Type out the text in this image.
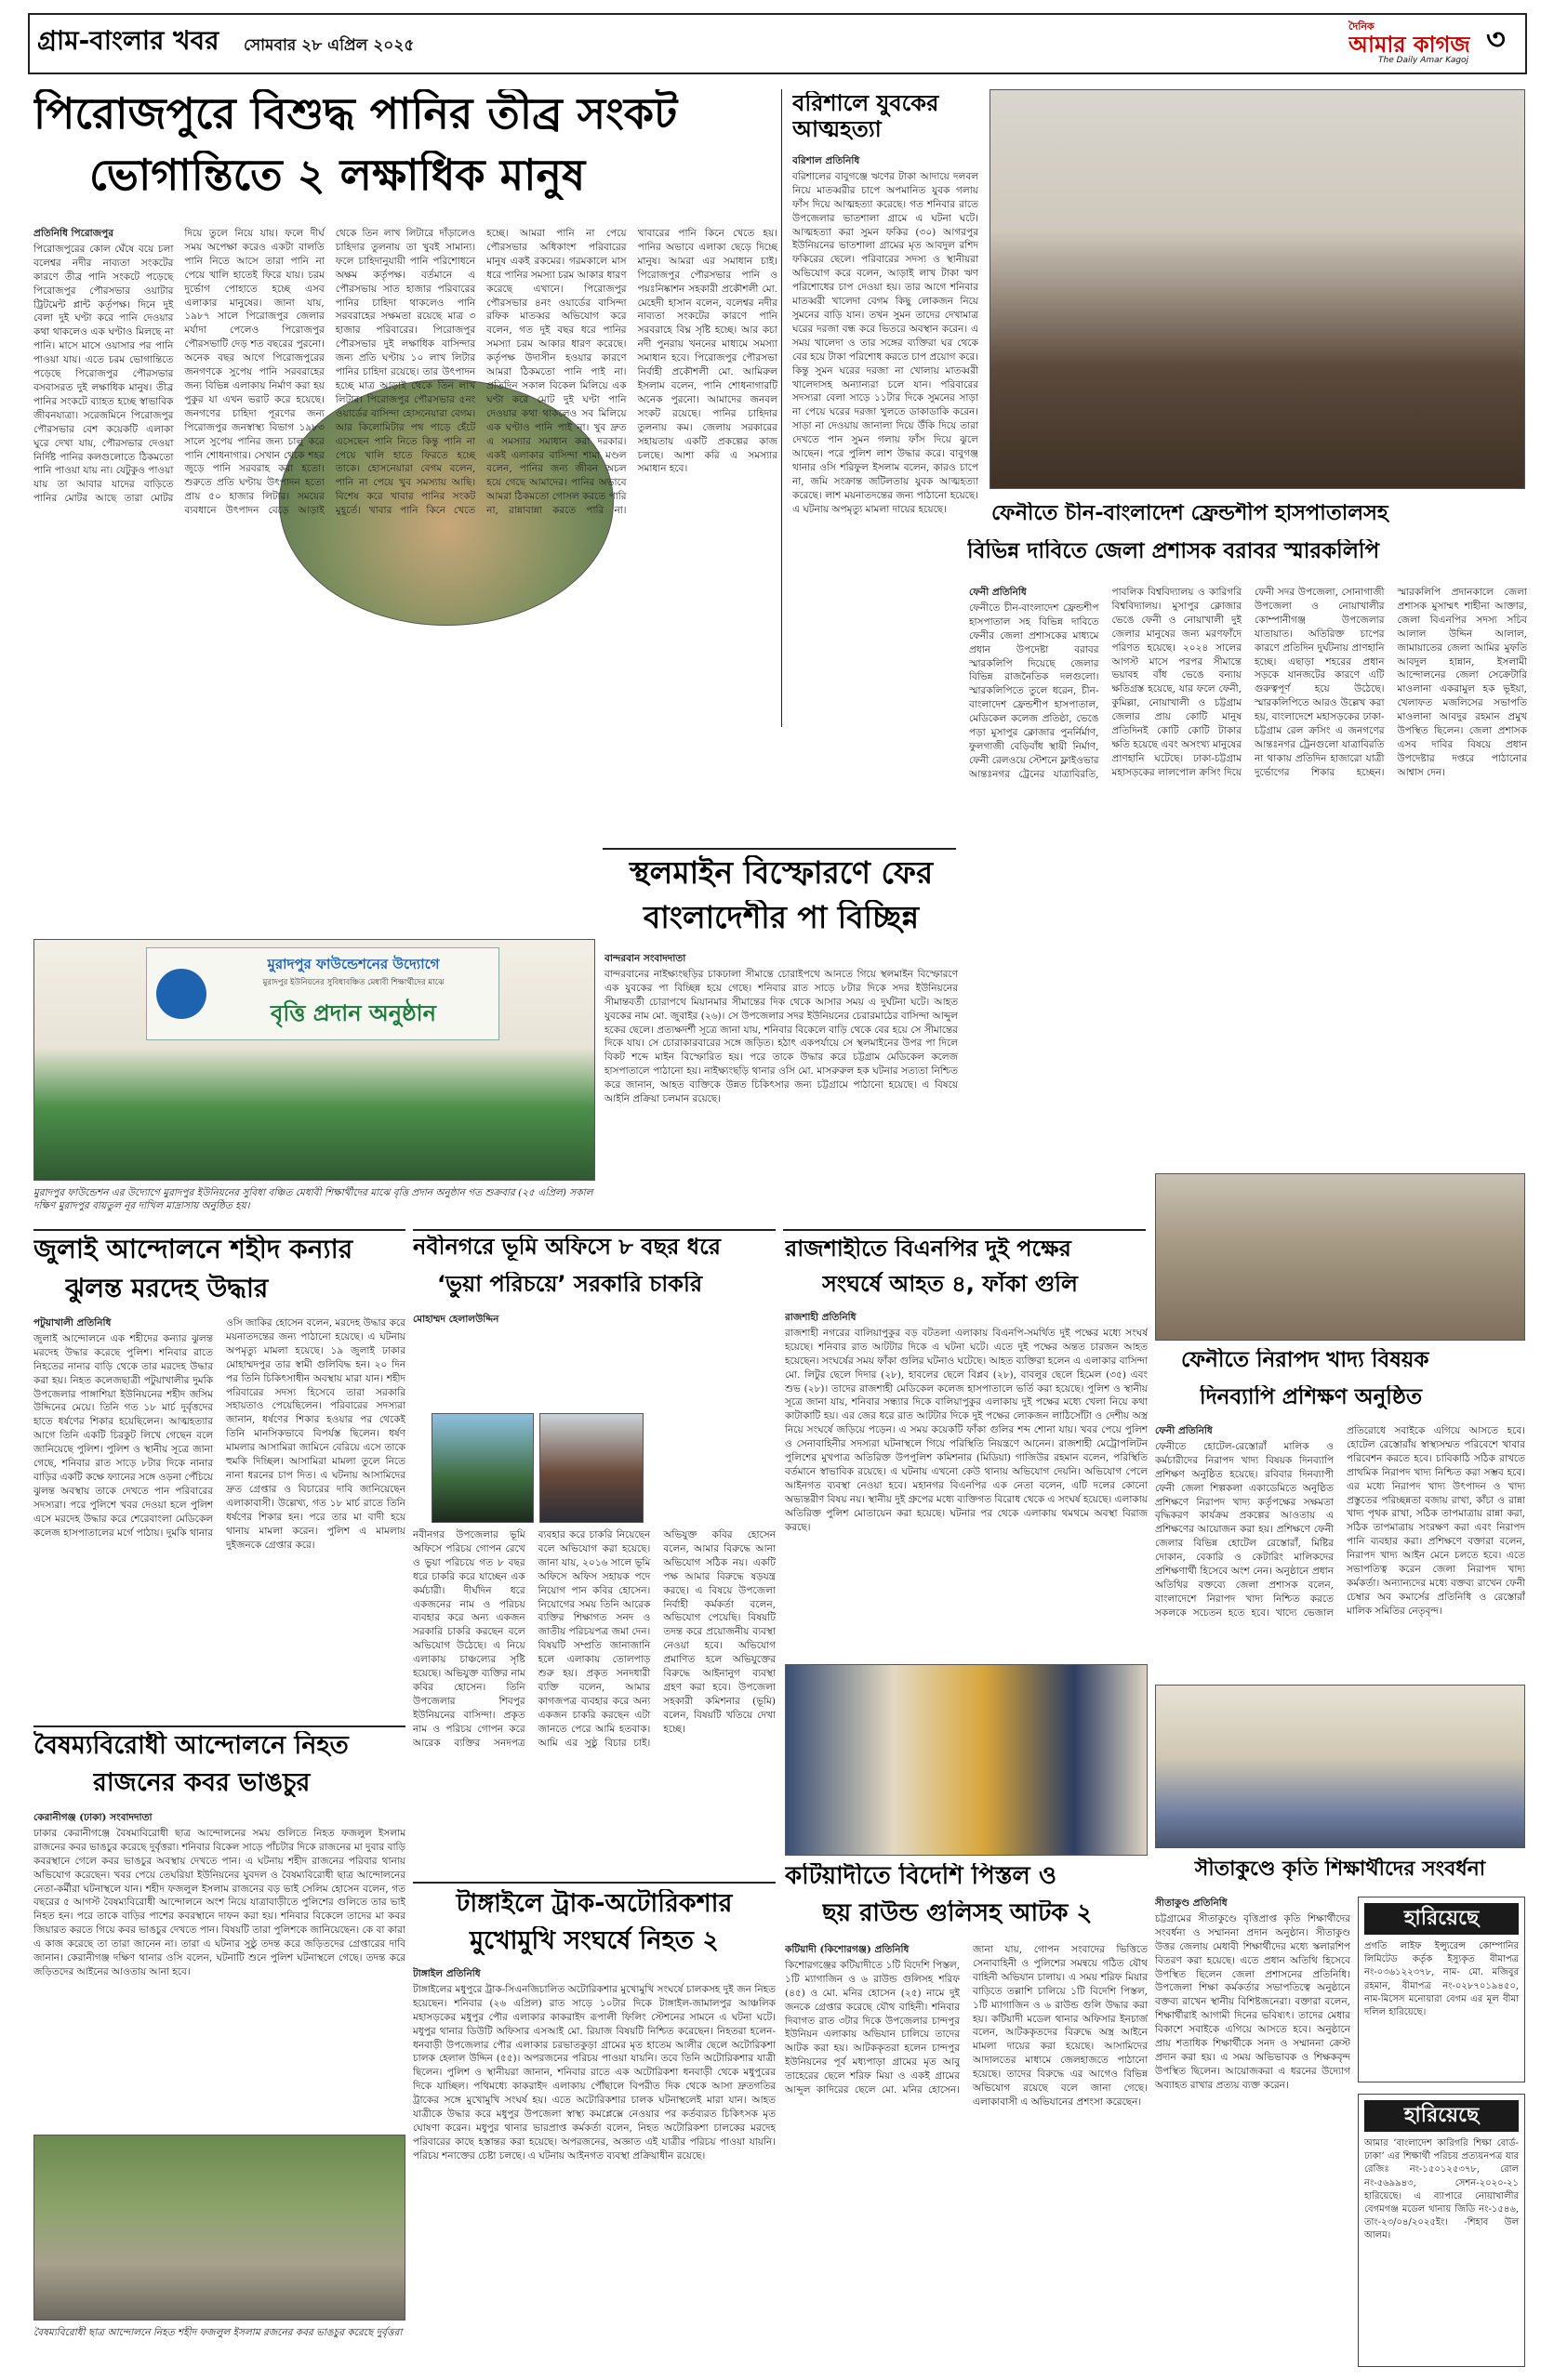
গ্রাম-বাংলার খবর সোমবার ২৮ এপ্রিল ২০২৫
দৈনিক
আমার কাগজ
The Daily Amar Kagoj
৩
পিরোজপুরে বিশুদ্ধ পানির তীব্র সংকট
ভোগান্তিতে ২ লক্ষাধিক মানুষ
প্রতিনিধি পিরোজপুর
পিরোজপুরের কোল ঘেঁষে বয়ে চলা বলেশ্বর নদীর নাব্যতা সংকটের কারণে তীব্র পানি সংকটে পড়েছে পিরোজপুর পৌরসভার ওয়াটার ট্রিটমেন্ট প্লান্ট কর্তৃপক্ষ। দিনে দুই বেলা দুই ঘণ্টা করে পানি দেওয়ার কথা থাকলেও এক ঘণ্টাও মিলছে না পানি। মাসে মাসে ওয়াসার পর পানি পাওয়া যায়। এতে চরম ভোগান্তিতে পড়েছে পিরোজপুর পৌরসভার বসবাসরত দুই লক্ষাধিক মানুষ। তীব্র পানির সংকটে ব্যাহত হচ্ছে স্বাভাবিক জীবনযাত্রা। সরেজমিনে পিরোজপুর পৌরসভার বেশ কয়েকটি এলাকা ঘুরে দেখা যায়, পৌরসভার দেওয়া নির্দিষ্ট পানির কলগুলোতে ঠিকমতো পানি পাওয়া যায় না। যেটুকুও পাওয়া যায় তা আবার যাদের বাড়িতে পানির মোটর আছে তারা মোটর দিয়ে তুলে নিয়ে যায়। ফলে দীর্ঘ সময় অপেক্ষা করেও একটা বালতি পানি নিতে আসে তারা পানি না পেয়ে খালি হাতেই ফিরে যায়। চরম দুর্ভোগ পোহাতে হচ্ছে এসব এলাকার মানুষের। জানা যায়, ১৯৮৭ সালে পিরোজপুর জেলার মর্যাদা পেলেও পিরোজপুর পৌরসভাটি দেড় শত বছরের পুরনো। অনেক বছর আগে পিরোজপুরের জনগণকে সুপেয় পানি সরবরাহের জন্য বিভিন্ন এলাকায় নির্মাণ করা হয় পুকুর যা এখন ভরাট করে হয়েছে। জনগণের চাহিদা পূরণের জন্য পিরোজপুর জনস্বাস্থ্য বিভাগ ১৯৮৩ সালে সুপেয় পানির জন্য চালু করে পানি শোধনাগার। সেখান থেকে শহর জুড়ে পানি সরবরাহ করা হতো। শুরুতে প্রতি ঘণ্টায় উৎপাদন হতো প্রায় ৫০ হাজার লিটার। সময়ের ব্যবধানে উৎপাদন বেড়ে আড়াই থেকে তিন লাখ লিটারে দাঁড়ালেও চাহিদার তুলনায় তা খুবই সামান্য। ফলে চাহিদানুযায়ী পানি পরিশোধনে অক্ষম কর্তৃপক্ষ। বর্তমানে এ পৌরসভায় সাত হাজার পরিবারের পানির চাহিদা থাকলেও পানি সরবরাহের সক্ষমতা রয়েছে মাত্র ৩ হাজার পরিবারের। পিরোজপুর পৌরসভার দুই লক্ষাধিক বাসিন্দার জন্য প্রতি ঘণ্টায় ১০ লাখ লিটার পানির চাহিদা রয়েছে। তার উৎপাদন হচ্ছে মাত্র আড়াই থেকে তিন লাখ লিটার। পিরোজপুর পৌরসভার ৫নং ওয়ার্ডের বাসিন্দা হোসনেয়ারা বেগম। আর কিলোমিটার পথ পাড়ে হেঁটে এসেছেন পানি নিতে কিন্তু পানি না পেয়ে খালি হাতে ফিরতে হচ্ছে তাকে। হোসনেয়ারা বেগম বলেন, পানি না পেয়ে খুব সমস্যায় আছি। বিশেষ করে খাবার পানির সংকট মুহূর্তে। খাবার পানি কিনে খেতে হচ্ছে। আমরা পানি না পেয়ে পৌরসভার অধিকাংশ পরিবারের মানুষ একই রকমের। গরমকালে মাস ধরে পানির সমস্যা চরম আকার ধারণ করেছে এখানে। পিরোজপুর পৌরসভার ৪নং ওয়ার্ডের বাসিন্দা রফিক মাতব্বর অভিযোগ করে বলেন, গত দুই বছর ধরে পানির সমস্যা চরম আকার ধারণ করেছে। কর্তৃপক্ষ উদাসীন হওয়ার কারণে আমরা ঠিকমতো পানি পাই না। প্রতিদিন সকাল বিকেল মিলিয়ে এক ঘণ্টা করে মোট দুই ঘণ্টা পানি দেওয়ার কথা থাকলেও সব মিলিয়ে এক ঘণ্টাও পানি পাই না। খুব দ্রুত এ সমস্যার সমাধান করা দরকার। একই এলাকার বাসিন্দা শামা মণ্ডল বলেন, পানির জন্য জীবন অচল হয়ে গেছে আমাদের। পানির অভাবে আমরা ঠিকমতো গোসল করতে পারি না, রান্নাবান্না করতে পারি না। খাবারের পানি কিনে খেতে হয়। পানির অভাবে এলাকা ছেড়ে দিচ্ছে মানুষ। আমরা এর সমাধান চাই। পিরোজপুর পৌরসভার পানি ও পয়ঃনিষ্কাশন সহকারী প্রকৌশলী মো. মেহেদী হাসান বলেন, বলেশ্বর নদীর নাব্যতা সংকটের কারণে পানি সরবরাহে বিঘ্ন সৃষ্টি হচ্ছে। আর কচা নদী পুনরায় খননের মাধ্যমে সমস্যা সমাধান হবে। পিরোজপুর পৌরসভা নির্বাহী প্রকৌশলী মো. আমিরুল ইসলাম বলেন, পানি শোধনাগারটি অনেক পুরনো। আমাদের জনবল সংকট রয়েছে। পানির চাহিদার তুলনায় কম। জেলায় সরকারের সহায়তায় একটি প্রকল্পের কাজ চলছে। আশা করি এ সমস্যার সমাধান হবে।
বরিশালে যুবকের আত্মহত্যা
বরিশাল প্রতিনিধি
বরিশালের বাবুগঞ্জে ঋণের টাকা আদায়ে দলবল নিয়ে মাতব্বরীর চাপে অপমানিত যুবক গলায় ফাঁস দিয়ে আত্মহত্যা করেছে। গত শনিবার রাতে উপজেলার ভাতশালা গ্রামে এ ঘটনা ঘটে। আত্মহত্যা করা সুমন ফকির (৩০) আগরপুর ইউনিয়নের ভাতশালা গ্রামের মৃত আবদুল রশিদ ফকিরের ছেলে। পরিবারের সদস্য ও স্থানীয়রা অভিযোগ করে বলেন, আড়াই লাখ টাকা ঋণ পরিশোধের চাপ দেওয়া হয়। তার আগে শনিবার মাতব্বরী খালেদা বেগম কিছু লোকজন নিয়ে সুমনের বাড়ি যান। তখন সুমন তাদের দেখামাত্র ঘরের দরজা বন্ধ করে ভিতরে অবস্থান করেন। এ সময় খালেদা ও তার সঙ্গের ব্যক্তিরা ঘর থেকে বের হয়ে টাকা পরিশোধ করতে চাপ প্রয়োগ করে। কিন্তু সুমন ঘরের দরজা না খোলায় মাতব্বরী খালেদাসহ অন্যান্যরা চলে যান। পরিবারের সদস্যরা বেলা সাড়ে ১১টার দিকে সুমনের সাড়া না পেয়ে ঘরের দরজা খুলতে ডাকাডাকি করেন। সাড়া না দেওয়ায় জানালা দিয়ে উঁকি দিয়ে তারা দেখতে পান সুমন গলায় ফাঁস দিয়ে ঝুলে আছেন। পরে পুলিশ লাশ উদ্ধার করে। বাবুগঞ্জ থানার ওসি শরিফুল ইসলাম বলেন, কারও চাপে না, জমি সংক্রান্ত জটিলতায় যুবক আত্মহত্যা করেছে। লাশ ময়নাতদন্তের জন্য পাঠানো হয়েছে। এ ঘটনায় অপমৃত্যু মামলা দায়ের হয়েছে।	ফেনীতে চীন-বাংলাদেশ ফ্রেন্ডশীপ হাসপাতালসহ
বিভিন্ন দাবিতে জেলা প্রশাসক বরাবর স্মারকলিপি
ফেনী প্রতিনিধি
ফেনীতে চীন-বাংলাদেশ ফ্রেন্ডশীপ হাসপাতাল সহ বিভিন্ন দাবিতে ফেনীর জেলা প্রশাসকের মাধ্যমে প্রধান উপদেষ্টা বরাবর স্মারকলিপি দিয়েছে জেলার বিভিন্ন রাজনৈতিক দলগুলো। স্মারকলিপিতে তুলে ধরেন, চীন-বাংলাদেশ ফ্রেন্ডশীপ হাসপাতাল, মেডিকেল কলেজ প্রতিষ্ঠা, ভেঙে পড়া মুসাপুর ক্লোজার পুনর্নির্মাণ, ফুলগাজী বেড়িবাঁধ স্থায়ী নির্মাণ, ফেনী রেলওয়ে স্টেশনে ফ্লাইওভার আন্তঃনগর ট্রেনের যাত্রাবিরতি, পাবলিক বিশ্ববিদ্যালয় ও কারিগরি বিশ্ববিদ্যালয়। মুসাপুর ক্লোজার ভেঙে ফেনী ও নোয়াখালী দুই জেলার মানুষের জন্য মরণফাঁদে পরিণত হয়েছে। ২০২৪ সালের আগস্ট মাসে পরপর সীমান্তে ভয়াবহ বাঁধ ভেঙে বন্যায় ক্ষতিগ্রস্ত হয়েছে, যার ফলে ফেনী, কুমিল্লা, নোয়াখালী ও চট্টগ্রাম জেলার প্রায় কোটি মানুষ প্রতিদিনই কোটি কোটি টাকার ক্ষতি হয়েছে এবং অসংখ্য মানুষের প্রাণহানি ঘটেছে। ঢাকা-চট্টগ্রাম মহাসড়কের লালপোল ক্রসিং দিয়ে ফেনী সদর উপজেলা, সোনাগাজী উপজেলা ও নোয়াখালীর কোম্পানীগঞ্জ উপজেলার যাতায়াত। অতিরিক্ত চাপের কারণে প্রতিদিন দুর্ঘটনায় প্রাণহানি হচ্ছে। এছাড়া শহরের প্রধান সড়কে যানজটের কারণে এটি গুরুত্বপূর্ণ হয়ে উঠেছে। স্মারকলিপিতে আরও উল্লেখ করা হয়, বাংলাদেশে মহাসড়কের ঢাকা-চট্টগ্রাম রেল ক্রসিং এ জনগণের আন্তঃনগর ট্রেনগুলো যাত্রাবিরতি না থাকায় প্রতিদিন হাজারো যাত্রী দুর্ভোগের শিকার হচ্ছেন। স্মারকলিপি প্রদানকালে জেলা প্রশাসক মুসাম্মৎ শাহীনা আক্তার, জেলা বিএনপির সদস্য সচিব আলাল উদ্দিন আলাল, জামায়াতের জেলা আমির মুফতি আবদুল হান্নান, ইসলামী আন্দোলনের জেলা সেক্রেটারি মাওলানা একরামুল হক ভূইয়া, খেলাফত মজলিসের সভাপতি মাওলানা আবদুর রহমান প্রমুখ উপস্থিত ছিলেন। জেলা প্রশাসক এসব দাবির বিষয়ে প্রধান উপদেষ্টার দপ্তরে পাঠানোর আশ্বাস দেন।
স্থলমাইন বিস্ফোরণে ফের
বাংলাদেশীর পা বিচ্ছিন্ন
বান্দরবান সংবাদদাতা
বান্দরবানের নাইক্ষ্যংছড়ির চাকঢালা সীমান্তে চোরাইপথে আনতে গিয়ে স্থলমাইন বিস্ফোরণে এক যুবকের পা বিচ্ছিন্ন হয়ে গেছে। শনিবার রাত সাড়ে ৮টার দিকে সদর ইউনিয়নের সীমান্তবর্তী চোরাপথে মিয়ানমার সীমান্তের দিক থেকে আসার সময় এ দুর্ঘটনা ঘটে। আহত যুবকের নাম মো. জুবাইর (২৬)। সে উপজেলার সদর ইউনিয়নের চেরারমাঠের বাসিন্দা আব্দুল হকের ছেলে। প্রত্যক্ষদর্শী সূত্রে জানা যায়, শনিবার বিকেলে বাড়ি থেকে বের হয়ে সে সীমান্তের দিকে যায়। সে চোরাকারবারের সঙ্গে জড়িত। হঠাৎ একপর্যায়ে সে স্থলমাইনের উপর পা দিলে বিকট শব্দে মাইন বিস্ফোরিত হয়। পরে তাকে উদ্ধার করে চট্টগ্রাম মেডিকেল কলেজ হাসপাতালে পাঠানো হয়। নাইক্ষ্যংছড়ি থানার ওসি মো. মাসরুরুল হক ঘটনার সত্যতা নিশ্চিত করে জানান, আহত ব্যক্তিকে উন্নত চিকিৎসার জন্য চট্টগ্রামে পাঠানো হয়েছে। এ বিষয়ে আইনি প্রক্রিয়া চলমান রয়েছে।
মুরাদপুর ফাউন্ডেশনের উদ্যোগে
মুরাদপুর ইউনিয়নের সুবিধাবঞ্চিত মেধাবী শিক্ষার্থীদের মাঝে
বৃত্তি প্রদান অনুষ্ঠান
মুরাদপুর ফাউন্ডেশন এর উদ্যোগে মুরাদপুর ইউনিয়নের সুবিধা বঞ্চিত মেধাবী শিক্ষার্থীদের মাঝে বৃত্তি প্রদান অনুষ্ঠান গত শুক্রবার (২৫ এপ্রিল) সকাল দক্ষিণ মুরাদপুর বায়তুল নূর দাখিল মাদ্রাসায় অনুষ্ঠিত হয়।
জুলাই আন্দোলনে শহীদ কন্যার
ঝুলন্ত মরদেহ উদ্ধার
পটুয়াখালী প্রতিনিধি
জুলাই আন্দোলনে এক শহীদের কন্যার ঝুলন্ত মরদেহ উদ্ধার করেছে পুলিশ। শনিবার রাতে নিহতের নানার বাড়ি থেকে তার মরদেহ উদ্ধার করা হয়। নিহত কলেজছাত্রী পটুয়াখালীর দুমকি উপজেলার পাঙ্গাশিয়া ইউনিয়নের শহীদ জসিম উদ্দিনের মেয়ে। তিনি গত ১৮ মার্চ দুর্বৃত্তদের হাতে ধর্ষণের শিকার হয়েছিলেন। আত্মহত্যার আগে তিনি একটি চিরকুট লিখে গেছেন বলে জানিয়েছে পুলিশ। পুলিশ ও স্থানীয় সূত্রে জানা গেছে, শনিবার রাত সাড়ে ৮টার দিকে নানার বাড়ির একটি কক্ষে ফ্যানের সঙ্গে ওড়না পেঁচিয়ে ঝুলন্ত অবস্থায় তাকে দেখতে পান পরিবারের সদস্যরা। পরে পুলিশে খবর দেওয়া হলে পুলিশ এসে মরদেহ উদ্ধার করে শেরেবাংলা মেডিকেল কলেজ হাসপাতালের মর্গে পাঠায়। দুমকি থানার ওসি জাকির হোসেন বলেন, মরদেহ উদ্ধার করে ময়নাতদন্তের জন্য পাঠানো হয়েছে। এ ঘটনায় অপমৃত্যু মামলা হয়েছে। ১৯ জুলাই ঢাকার মোহাম্মদপুর তার স্বামী গুলিবিদ্ধ হন। ২০ দিন পর তিনি চিকিৎসাধীন অবস্থায় মারা যান। শহীদ পরিবারের সদস্য হিসেবে তারা সরকারি সহায়তাও পেয়েছিলেন। পরিবারের সদস্যরা জানান, ধর্ষণের শিকার হওয়ার পর থেকেই তিনি মানসিকভাবে বিপর্যস্ত ছিলেন। ধর্ষণ মামলার আসামিরা জামিনে বেরিয়ে এসে তাকে হুমকি দিচ্ছিল। আসামিরা মামলা তুলে নিতে নানা ধরনের চাপ দিত। এ ঘটনায় আসামিদের দ্রুত গ্রেপ্তার ও বিচারের দাবি জানিয়েছেন এলাকাবাসী। উল্লেখ্য, গত ১৮ মার্চ রাতে তিনি ধর্ষণের শিকার হন। পরে তার মা বাদী হয়ে থানায় মামলা করেন। পুলিশ এ মামলায় দুইজনকে গ্রেপ্তার করে।
বৈষম্যবিরোধী আন্দোলনে নিহত
রাজনের কবর ভাঙচুর
কেরানীগঞ্জ (ঢাকা) সংবাদদাতা
ঢাকার কেরানীগঞ্জে বৈষম্যবিরোধী ছাত্র আন্দোলনের সময় গুলিতে নিহত ফজলুল ইসলাম রাজনের কবর ভাঙচুর করেছে দুর্বৃত্তরা। শনিবার বিকেল সাড়ে পাঁচটার দিকে রাজনের মা দুবার বাড়ি কবরস্থানে গেলে কবর ভাঙচুর অবস্থায় দেখতে পান। এ ঘটনায় শহীদ রাজনের পরিবার থানায় অভিযোগ করেছেন। খবর পেয়ে তেঘরিয়া ইউনিয়নের যুবদল ও বৈষম্যবিরোধী ছাত্র আন্দোলনের নেতা-কর্মীরা ঘটনাস্থলে যান। শহীদ ফজলুল ইসলাম রাজনের বড় ভাই সেলিম হোসেন বলেন, গত বছরের ৫ আগস্ট বৈষম্যবিরোধী আন্দোলনে অংশ নিয়ে যাত্রাবাড়ীতে পুলিশের গুলিতে তার ভাই নিহত হন। পরে তাকে বাড়ির পাশের কবরস্থানে দাফন করা হয়। শনিবার বিকেলে তাদের মা কবর জিয়ারত করতে গিয়ে কবর ভাঙচুর দেখতে পান। বিষয়টি তারা পুলিশকে জানিয়েছেন। কে বা কারা এ কাজ করেছে তা তারা জানেন না। তারা এ ঘটনার সুষ্ঠু তদন্ত করে জড়িতদের গ্রেপ্তারের দাবি জানান। কেরানীগঞ্জ দক্ষিণ থানার ওসি বলেন, ঘটনাটি শুনে পুলিশ ঘটনাস্থলে গেছে। তদন্ত করে জড়িতদের আইনের আওতায় আনা হবে।
বৈষম্যবিরোধী ছাত্র আন্দোলনে নিহত শহীদ ফজলুল ইসলাম রজনের কবর ভাঙচুর করেছে দুর্বৃত্তরা
নবীনগরে ভূমি অফিসে ৮ বছর ধরে
‘ভুয়া পরিচয়ে’ সরকারি চাকরি
মোহাম্মদ হেলালউদ্দিন
নবীনগর উপজেলার ভূমি অফিসে পরিচয় গোপন রেখে ও ভুয়া পরিচয়ে গত ৮ বছর ধরে চাকরি করে যাচ্ছেন এক কর্মচারী। দীর্ঘদিন ধরে একজনের নাম ও পরিচয় ব্যবহার করে অন্য একজন সরকারি চাকরি করছেন বলে অভিযোগ উঠেছে। এ নিয়ে এলাকায় চাঞ্চল্যের সৃষ্টি হয়েছে। অভিযুক্ত ব্যক্তির নাম কবির হোসেন। তিনি উপজেলার শিবপুর ইউনিয়নের বাসিন্দা। প্রকৃত নাম ও পরিচয় গোপন করে আরেক ব্যক্তির সনদপত্র ব্যবহার করে চাকরি নিয়েছেন বলে অভিযোগ করা হয়েছে। জানা যায়, ২০১৬ সালে ভূমি অফিসে অফিস সহায়ক পদে নিয়োগ পান কবির হোসেন। নিয়োগের সময় তিনি আরেক ব্যক্তির শিক্ষাগত সনদ ও জাতীয় পরিচয়পত্র জমা দেন। বিষয়টি সম্প্রতি জানাজানি হলে এলাকায় তোলপাড় শুরু হয়। প্রকৃত সনদধারী ব্যক্তি বলেন, আমার কাগজপত্র ব্যবহার করে অন্য একজন চাকরি করছেন এটা জানতে পেরে আমি হতবাক। আমি এর সুষ্ঠু বিচার চাই। অভিযুক্ত কবির হোসেন বলেন, আমার বিরুদ্ধে আনা অভিযোগ সঠিক নয়। একটি পক্ষ আমার বিরুদ্ধে ষড়যন্ত্র করছে। এ বিষয়ে উপজেলা নির্বাহী কর্মকর্তা বলেন, অভিযোগ পেয়েছি। বিষয়টি তদন্ত করে প্রয়োজনীয় ব্যবস্থা নেওয়া হবে। অভিযোগ প্রমাণিত হলে অভিযুক্তের বিরুদ্ধে আইনানুগ ব্যবস্থা গ্রহণ করা হবে। উপজেলা সহকারী কমিশনার (ভূমি) বলেন, বিষয়টি খতিয়ে দেখা হচ্ছে।
টাঙ্গাইলে ট্রাক-অটোরিকশার
মুখোমুখি সংঘর্ষে নিহত ২
টাঙ্গাইল প্রতিনিধি
টাঙ্গাইলের মধুপুরে ট্রাক-সিএনজিচালিত অটোরিকশার মুখোমুখি সংঘর্ষে চালকসহ দুই জন নিহত হয়েছেন। শনিবার (২৬ এপ্রিল) রাত সাড়ে ১০টার দিকে টাঙ্গাইল-জামালপুর আঞ্চলিক মহাসড়কের মধুপুর পৌর এলাকার কাকরাইদ রূপালী ফিলিং স্টেশনের সামনে এ ঘটনা ঘটে। মধুপুর থানার ডিউটি অফিসার এসআই মো. রিয়াজ বিষয়টি নিশ্চিত করেছেন। নিহতরা হলেন- ধনবাড়ী উপজেলার পৌর এলাকার চরভাতকুড়া গ্রামের মৃত হাতেম আলীর ছেলে অটোরিকশা চালক হেলাল উদ্দিন (৫৫)। অপরজনের পরিচয় পাওয়া যায়নি। তবে তিনি অটোরিকশার যাত্রী ছিলেন। পুলিশ ও স্থানীয়রা জানান, শনিবার রাতে এক অটোরিকশা ধনবাড়ী থেকে মধুপুরের দিকে যাচ্ছিল। পথিমধ্যে কাকরাইদ এলাকায় পৌঁছালে বিপরীত দিক থেকে আসা দ্রুতগতির ট্রাকের সঙ্গে মুখোমুখি সংঘর্ষ হয়। এতে অটোরিকশার চালক ঘটনাস্থলেই মারা যান। আহত যাত্রীকে উদ্ধার করে মধুপুর উপজেলা স্বাস্থ্য কমপ্লেক্সে নেওয়ার পর কর্তব্যরত চিকিৎসক মৃত ঘোষণা করেন। মধুপুর থানার ভারপ্রাপ্ত কর্মকর্তা বলেন, নিহত অটোরিকশা চালকের মরদেহ পরিবারের কাছে হস্তান্তর করা হয়েছে। অপরজনের, অজ্ঞাত এই যাত্রীর পরিচয় পাওয়া যায়নি। পরিচয় শনাক্তের চেষ্টা চলছে। এ ঘটনায় আইনগত ব্যবস্থা প্রক্রিয়াধীন রয়েছে।
রাজশাহীতে বিএনপির দুই পক্ষের
সংঘর্ষে আহত ৪, ফাঁকা গুলি
রাজশাহী প্রতিনিধি
রাজশাহী নগরের বালিয়াপুকুর বড় বটতলা এলাকায় বিএনপি-সমর্থিত দুই পক্ষের মধ্যে সংঘর্ষ হয়েছে। শনিবার রাত আটটার দিকে এ ঘটনা ঘটে। এতে দুই পক্ষের অন্তত চারজন আহত হয়েছেন। সংঘর্ষের সময় ফাঁকা গুলির ঘটনাও ঘটেছে। আহত ব্যক্তিরা হলেন এ এলাকার বাসিন্দা মো. লিটুর ছেলে দিদার (২৮), হাবলের ছেলে বিপ্লব (২৮), বাবলুর ছেলে হিমেল (৩৫) এবং শুভ (২৮)। তাদের রাজশাহী মেডিকেল কলেজ হাসপাতালে ভর্তি করা হয়েছে। পুলিশ ও স্থানীয় সূত্রে জানা যায়, শনিবার সন্ধ্যার দিকে বালিয়াপুকুর এলাকায় দুই পক্ষের মধ্যে খেলা নিয়ে কথা কাটাকাটি হয়। এর জের ধরে রাত আটটার দিকে দুই পক্ষের লোকজন লাঠিসোঁটা ও দেশীয় অস্ত্র নিয়ে সংঘর্ষে জড়িয়ে পড়েন। এ সময় কয়েকটি ফাঁকা গুলির শব্দ শোনা যায়। খবর পেয়ে পুলিশ ও সেনাবাহিনীর সদস্যরা ঘটনাস্থলে গিয়ে পরিস্থিতি নিয়ন্ত্রণে আনেন। রাজশাহী মেট্রোপলিটন পুলিশের মুখপাত্র অতিরিক্ত উপপুলিশ কমিশনার (মিডিয়া) গাজিউর রহমান বলেন, পরিস্থিতি বর্তমানে স্বাভাবিক রয়েছে। এ ঘটনায় এখনো কেউ থানায় অভিযোগ দেয়নি। অভিযোগ পেলে আইনগত ব্যবস্থা নেওয়া হবে। মহানগর বিএনপির এক নেতা বলেন, এটি দলের কোনো অভ্যন্তরীণ বিষয় নয়। স্থানীয় দুই গ্রুপের মধ্যে ব্যক্তিগত বিরোধ থেকে এ সংঘর্ষ হয়েছে। এলাকায় অতিরিক্ত পুলিশ মোতায়েন করা হয়েছে। ঘটনার পর থেকে এলাকায় থমথমে অবস্থা বিরাজ করছে।
কটিয়াদীতে বিদেশি পিস্তল ও
ছয় রাউন্ড গুলিসহ আটক ২
কটিয়াদী (কিশোরগঞ্জ) প্রতিনিধি
কিশোরগঞ্জের কটিয়াদীতে ১টি বিদেশি পিস্তল, ১টি ম্যাগাজিন ও ৬ রাউন্ড গুলিসহ শরিফ (৪৫) ও মো. মনির হোসেন (২৫) নামে দুই জনকে গ্রেপ্তার করেছে যৌথ বাহিনী। শনিবার দিবাগত রাত ৩টার দিকে উপজেলার চান্দপুর ইউনিয়ন এলাকায় অভিযান চালিয়ে তাদের আটক করা হয়। আটককৃতরা হলেন চান্দপুর ইউনিয়নের পূর্ব মধ্যপাড়া গ্রামের মৃত আবু তাহেরের ছেলে শরিফ মিয়া ও একই গ্রামের আব্দুল কাদিরের ছেলে মো. মনির হোসেন। জানা যায়, গোপন সংবাদের ভিত্তিতে সেনাবাহিনী ও পুলিশের সমন্বয়ে গঠিত যৌথ বাহিনী অভিযান চালায়। এ সময় শরিফ মিয়ার বাড়িতে তল্লাশি চালিয়ে ১টি বিদেশি পিস্তল, ১টি ম্যাগাজিন ও ৬ রাউন্ড গুলি উদ্ধার করা হয়। কটিয়াদী মডেল থানার অফিসার ইনচার্জ বলেন, আটককৃতদের বিরুদ্ধে অস্ত্র আইনে মামলা দায়ের করা হয়েছে। আসামিদের আদালতের মাধ্যমে জেলহাজতে পাঠানো হয়েছে। তাদের বিরুদ্ধে এর আগেও বিভিন্ন অভিযোগ রয়েছে বলে জানা গেছে। এলাকাবাসী এ অভিযানের প্রশংসা করেছেন।
ফেনীতে নিরাপদ খাদ্য বিষয়ক
দিনব্যাপি প্রশিক্ষণ অনুষ্ঠিত
ফেনী প্রতিনিধি
ফেনীতে হোটেল-রেস্তোরাঁ মালিক ও কর্মচারীদের নিরাপদ খাদ্য বিষয়ক দিনব্যাপি প্রশিক্ষণ অনুষ্ঠিত হয়েছে। রবিবার দিনব্যাপী ফেনী জেলা শিল্পকলা একাডেমিতে অনুষ্ঠিত প্রশিক্ষণে নিরাপদ খাদ্য কর্তৃপক্ষের সক্ষমতা বৃদ্ধিকরণ কার্যক্রম প্রকল্পের আওতায় এ প্রশিক্ষণের আয়োজন করা হয়। প্রশিক্ষণে ফেনী জেলার বিভিন্ন হোটেল রেস্তোরাঁ, মিষ্টির দোকান, বেকারি ও কেটারিং মালিকদের প্রশিক্ষণার্থী হিসেবে অংশ নেন। অনুষ্ঠানে প্রধান অতিথির বক্তব্যে জেলা প্রশাসক বলেন, বাংলাদেশে নিরাপদ খাদ্য নিশ্চিত করতে সকলকে সচেতন হতে হবে। খাদ্যে ভেজাল প্রতিরোধে সবাইকে এগিয়ে আসতে হবে। হোটেল রেস্তোরাঁয় স্বাস্থ্যসম্মত পরিবেশে খাবার পরিবেশন করতে হবে। চাবিকাঠি সঠিক রাখতে প্রাথমিক নিরাপদ খাদ্য নিশ্চিত করা সম্ভব হবে। এর মধ্যে নিরাপদ খাদ্য উৎপাদন ও খাদ্য প্রস্তুতের পরিচ্ছন্নতা বজায় রাখা, কাঁচা ও রান্না খাদ্য পৃথক রাখা, সঠিক তাপমাত্রায় রান্না করা, সঠিক তাপমাত্রায় সংরক্ষণ করা এবং নিরাপদ পানি ব্যবহার করা। প্রশিক্ষণে বক্তারা বলেন, নিরাপদ খাদ্য আইন মেনে চলতে হবে। এতে সভাপতিত্ব করেন জেলা নিরাপদ খাদ্য কর্মকর্তা। অন্যান্যদের মধ্যে বক্তব্য রাখেন ফেনী চেম্বার অব কমার্সের প্রতিনিধি ও রেস্তোরাঁ মালিক সমিতির নেতৃবৃন্দ।
সীতাকুণ্ডে কৃতি শিক্ষার্থীদের সংবর্ধনা
সীতাকুণ্ড প্রতিনিধি
চট্টগ্রামের সীতাকুণ্ডে বৃত্তিপ্রাপ্ত কৃতি শিক্ষার্থীদের সংবর্ধনা ও সম্মাননা প্রদান অনুষ্ঠান। সীতাকুণ্ড উত্তর জেলায় মেধাবী শিক্ষার্থীদের মধ্যে স্কলারশিপ বিতরণ করা হয়েছে। এতে প্রধান অতিথি হিসেবে উপস্থিত ছিলেন জেলা প্রশাসনের প্রতিনিধি। উপজেলা শিক্ষা কর্মকর্তার সভাপতিত্বে অনুষ্ঠানে বক্তব্য রাখেন স্থানীয় বিশিষ্টজনেরা। বক্তারা বলেন, শিক্ষার্থীরাই আগামী দিনের ভবিষ্যৎ। তাদের মেধার বিকাশে সবাইকে এগিয়ে আসতে হবে। অনুষ্ঠানে প্রায় শতাধিক শিক্ষার্থীকে সনদ ও সম্মাননা ক্রেস্ট প্রদান করা হয়। এ সময় অভিভাবক ও শিক্ষকবৃন্দ উপস্থিত ছিলেন। আয়োজকরা এ ধরনের উদ্যোগ অব্যাহত রাখার প্রত্যয় ব্যক্ত করেন।
হারিয়েছে
প্রগতি লাইফ ইন্স্যুরেন্স কোম্পানির লিমিটেড কর্তৃক ইস্যুকৃত বীমাপত্র নং-০৩৬১২২৩৭৮, নাম- মো. মজিবুর রহমান, বীমাপত্র নং-০২৮৭০১৯৪৫০, নাম-মিসেস মনোয়ারা বেগম এর মূল বীমা দলিল হারিয়েছে।
হারিয়েছে
আমার ‘বাংলাদেশ কারিগরি শিক্ষা বোর্ড-ঢাকা’ এর শিক্ষার্থী পরিচয় প্রত্যয়নপত্র যার রেজিঃ নং-১৫০১২৫৩৭৮, রোল নং-৫৬৯৯৪৩, সেশন-২০২০-২১ হারিয়েছে। এ ব্যাপারে নোয়াখালীর বেগমগঞ্জ মডেল থানায় জিডি নং-১৫৪৬, তাং-২৩/০৪/২০২৫ইং। -শিহাব উল আলম।
